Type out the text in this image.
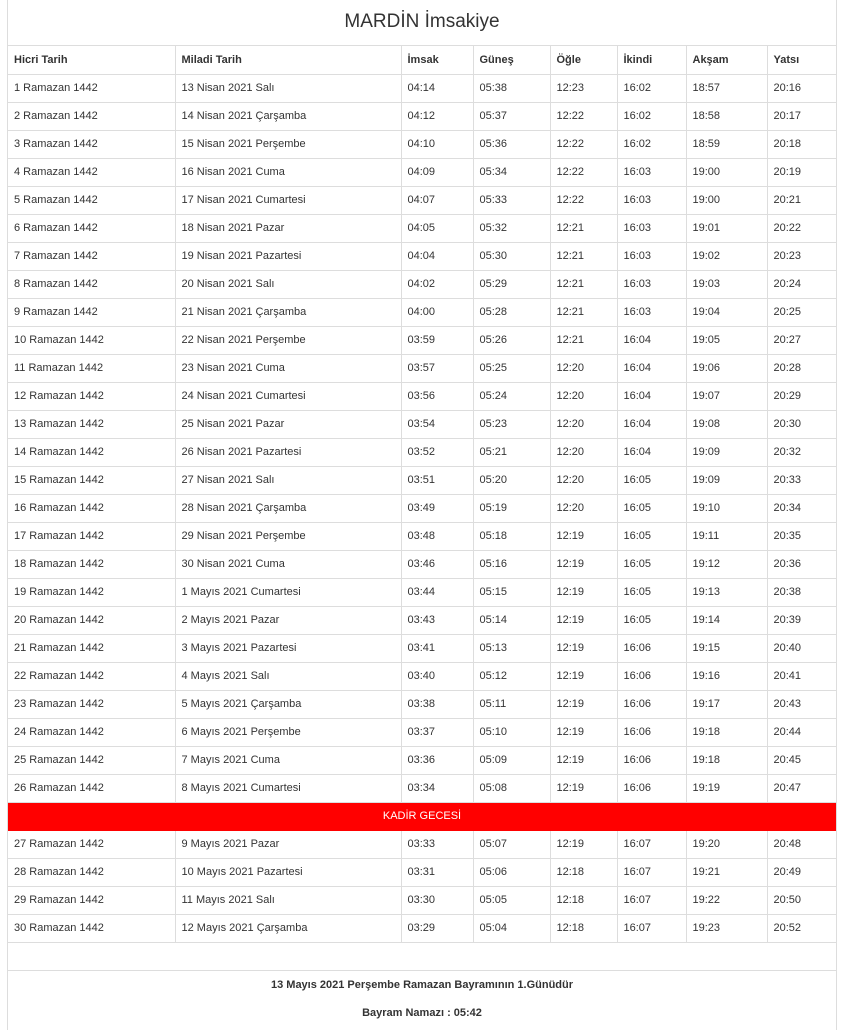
MARDİN İmsakiye
Hicri Tarih	Miladi Tarih	İmsak	Güneş	Öğle	İkindi	Akşam	Yatsı
1 Ramazan 1442	13 Nisan 2021 Salı	04:14	05:38	12:23	16:02	18:57	20:16
2 Ramazan 1442	14 Nisan 2021 Çarşamba	04:12	05:37	12:22	16:02	18:58	20:17
3 Ramazan 1442	15 Nisan 2021 Perşembe	04:10	05:36	12:22	16:02	18:59	20:18
4 Ramazan 1442	16 Nisan 2021 Cuma	04:09	05:34	12:22	16:03	19:00	20:19
5 Ramazan 1442	17 Nisan 2021 Cumartesi	04:07	05:33	12:22	16:03	19:00	20:21
6 Ramazan 1442	18 Nisan 2021 Pazar	04:05	05:32	12:21	16:03	19:01	20:22
7 Ramazan 1442	19 Nisan 2021 Pazartesi	04:04	05:30	12:21	16:03	19:02	20:23
8 Ramazan 1442	20 Nisan 2021 Salı	04:02	05:29	12:21	16:03	19:03	20:24
9 Ramazan 1442	21 Nisan 2021 Çarşamba	04:00	05:28	12:21	16:03	19:04	20:25
10 Ramazan 1442	22 Nisan 2021 Perşembe	03:59	05:26	12:21	16:04	19:05	20:27
11 Ramazan 1442	23 Nisan 2021 Cuma	03:57	05:25	12:20	16:04	19:06	20:28
12 Ramazan 1442	24 Nisan 2021 Cumartesi	03:56	05:24	12:20	16:04	19:07	20:29
13 Ramazan 1442	25 Nisan 2021 Pazar	03:54	05:23	12:20	16:04	19:08	20:30
14 Ramazan 1442	26 Nisan 2021 Pazartesi	03:52	05:21	12:20	16:04	19:09	20:32
15 Ramazan 1442	27 Nisan 2021 Salı	03:51	05:20	12:20	16:05	19:09	20:33
16 Ramazan 1442	28 Nisan 2021 Çarşamba	03:49	05:19	12:20	16:05	19:10	20:34
17 Ramazan 1442	29 Nisan 2021 Perşembe	03:48	05:18	12:19	16:05	19:11	20:35
18 Ramazan 1442	30 Nisan 2021 Cuma	03:46	05:16	12:19	16:05	19:12	20:36
19 Ramazan 1442	1 Mayıs 2021 Cumartesi	03:44	05:15	12:19	16:05	19:13	20:38
20 Ramazan 1442	2 Mayıs 2021 Pazar	03:43	05:14	12:19	16:05	19:14	20:39
21 Ramazan 1442	3 Mayıs 2021 Pazartesi	03:41	05:13	12:19	16:06	19:15	20:40
22 Ramazan 1442	4 Mayıs 2021 Salı	03:40	05:12	12:19	16:06	19:16	20:41
23 Ramazan 1442	5 Mayıs 2021 Çarşamba	03:38	05:11	12:19	16:06	19:17	20:43
24 Ramazan 1442	6 Mayıs 2021 Perşembe	03:37	05:10	12:19	16:06	19:18	20:44
25 Ramazan 1442	7 Mayıs 2021 Cuma	03:36	05:09	12:19	16:06	19:18	20:45
26 Ramazan 1442	8 Mayıs 2021 Cumartesi	03:34	05:08	12:19	16:06	19:19	20:47
KADİR GECESİ							
27 Ramazan 1442	9 Mayıs 2021 Pazar	03:33	05:07	12:19	16:07	19:20	20:48
28 Ramazan 1442	10 Mayıs 2021 Pazartesi	03:31	05:06	12:18	16:07	19:21	20:49
29 Ramazan 1442	11 Mayıs 2021 Salı	03:30	05:05	12:18	16:07	19:22	20:50
30 Ramazan 1442	12 Mayıs 2021 Çarşamba	03:29	05:04	12:18	16:07	19:23	20:52
13 Mayıs 2021 Perşembe Ramazan Bayramının 1.Günüdür
Bayram Namazı : 05:42
